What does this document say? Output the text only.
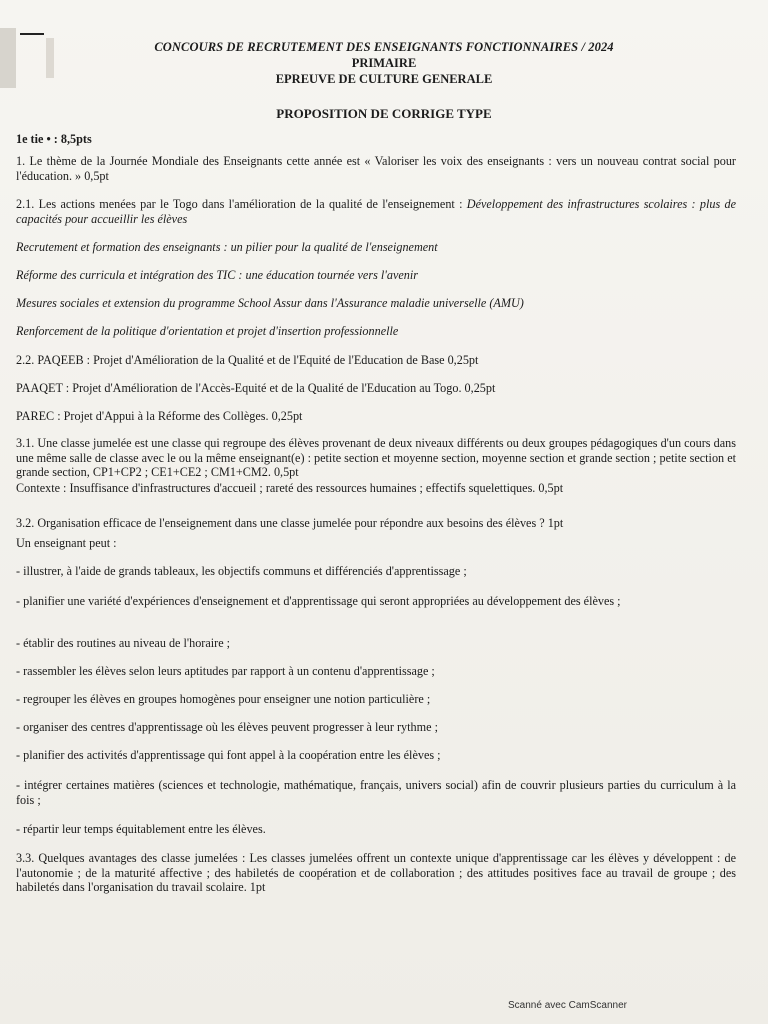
CONCOURS DE RECRUTEMENT DES ENSEIGNANTS FONCTIONNAIRES / 2024
PRIMAIRE
EPREUVE DE CULTURE GENERALE
PROPOSITION DE CORRIGE TYPE
1e tie • : 8,5pts
1. Le thème de la Journée Mondiale des Enseignants cette année est « Valoriser les voix des enseignants : vers un nouveau contrat social pour l'éducation. » 0,5pt
2.1. Les actions menées par le Togo dans l'amélioration de la qualité de l'enseignement : Développement des infrastructures scolaires : plus de capacités pour accueillir les élèves
Recrutement et formation des enseignants : un pilier pour la qualité de l'enseignement
Réforme des curricula et intégration des TIC : une éducation tournée vers l'avenir
Mesures sociales et extension du programme School Assur dans l'Assurance maladie universelle (AMU)
Renforcement de la politique d'orientation et projet d'insertion professionnelle
2.2. PAQEEB : Projet d'Amélioration de la Qualité et de l'Equité de l'Education de Base 0,25pt
PAAQET : Projet d'Amélioration de l'Accès-Equité et de la Qualité de l'Education au Togo. 0,25pt
PAREC : Projet d'Appui à la Réforme des Collèges. 0,25pt
3.1. Une classe jumelée est une classe qui regroupe des élèves provenant de deux niveaux différents ou deux groupes pédagogiques d'un cours dans une même salle de classe avec le ou la même enseignant(e) : petite section et moyenne section, moyenne section et grande section ; petite section et grande section, CP1+CP2 ; CE1+CE2 ; CM1+CM2. 0,5pt
Contexte : Insuffisance d'infrastructures d'accueil ; rareté des ressources humaines ; effectifs squelettiques. 0,5pt
3.2. Organisation efficace de l'enseignement dans une classe jumelée pour répondre aux besoins des élèves ? 1pt
Un enseignant peut :
- illustrer, à l'aide de grands tableaux, les objectifs communs et différenciés d'apprentissage ;
- planifier une variété d'expériences d'enseignement et d'apprentissage qui seront appropriées au développement des élèves ;
- établir des routines au niveau de l'horaire ;
- rassembler les élèves selon leurs aptitudes par rapport à un contenu d'apprentissage ;
- regrouper les élèves en groupes homogènes pour enseigner une notion particulière ;
- organiser des centres d'apprentissage où les élèves peuvent progresser à leur rythme ;
- planifier des activités d'apprentissage qui font appel à la coopération entre les élèves ;
- intégrer certaines matières (sciences et technologie, mathématique, français, univers social) afin de couvrir plusieurs parties du curriculum à la fois ;
- répartir leur temps équitablement entre les élèves.
3.3. Quelques avantages des classe jumelées : Les classes jumelées offrent un contexte unique d'apprentissage car les élèves y développent : de l'autonomie ; de la maturité affective ; des habiletés de coopération et de collaboration ; des attitudes positives face au travail de groupe ; des habiletés dans l'organisation du travail scolaire. 1pt
Scanné avec CamScanner
